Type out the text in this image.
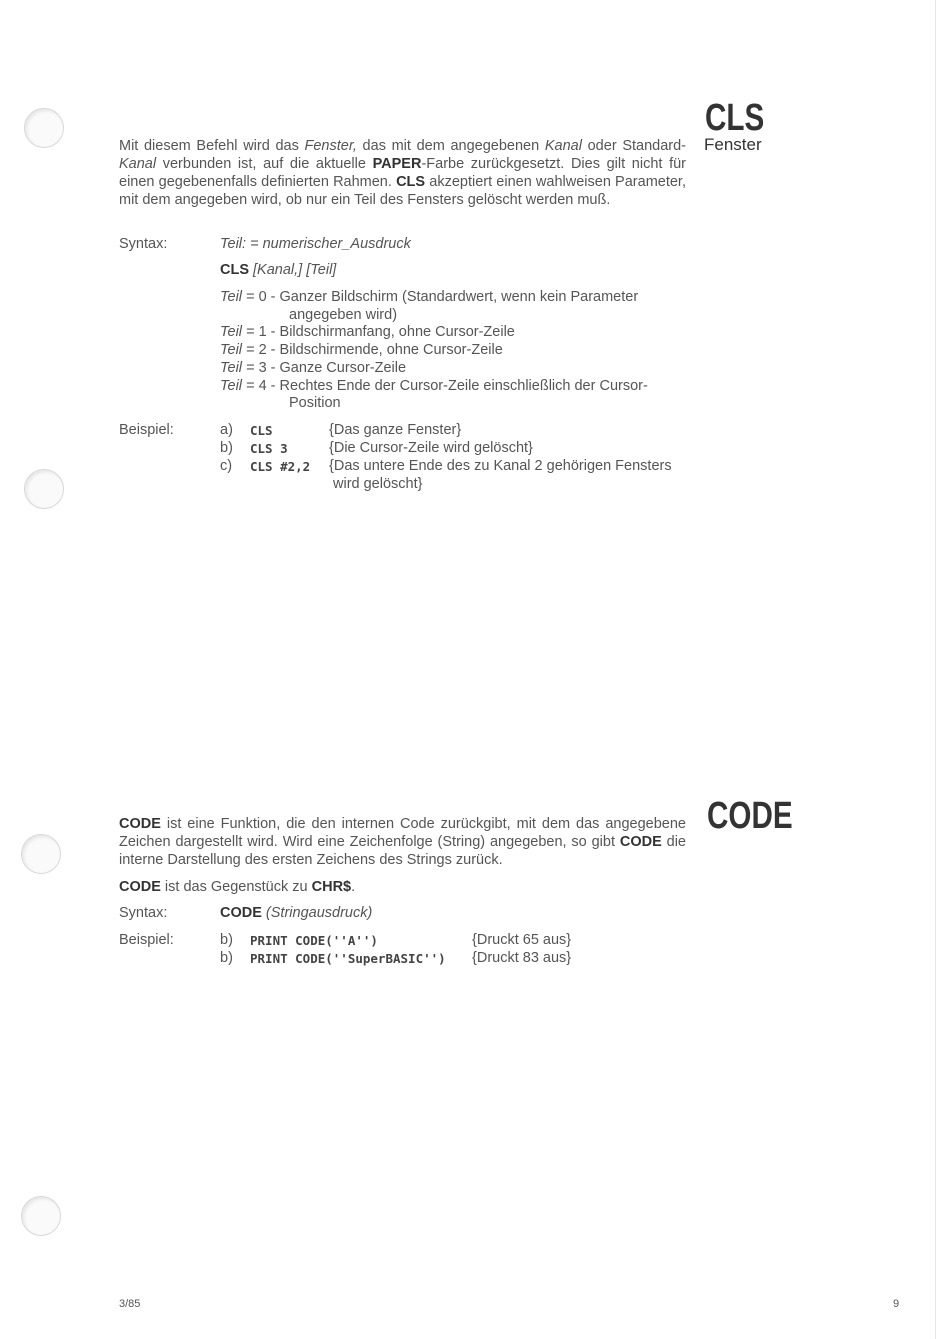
CLS
Fenster
Mit diesem Befehl wird das Fenster, das mit dem angegebenen Kanal oder Standard-Kanal verbunden ist, auf die aktuelle PAPER-Farbe zurückgesetzt. Dies gilt nicht für einen gegebenenfalls definierten Rahmen. CLS akzeptiert einen wahlweisen Parameter, mit dem angegeben wird, ob nur ein Teil des Fensters gelöscht werden muß.
Syntax:	Teil: = numerischer_Ausdruck
CLS [Kanal,] [Teil]
Teil = 0 - Ganzer Bildschirm (Standardwert, wenn kein Parameter
angegeben wird)
Teil = 1 - Bildschirmanfang, ohne Cursor-Zeile
Teil = 2 - Bildschirmende, ohne Cursor-Zeile
Teil = 3 - Ganze Cursor-Zeile
Teil = 4 - Rechtes Ende der Cursor-Zeile einschließlich der Cursor-
Position
Beispiel:	a) CLS	{Das ganze Fenster}
b) CLS 3	{Die Cursor-Zeile wird gelöscht}
c) CLS #2,2 {Das untere Ende des zu Kanal 2 gehörigen Fensters
wird gelöscht}
CODE
CODE ist eine Funktion, die den internen Code zurückgibt, mit dem das angegebene Zeichen dargestellt wird. Wird eine Zeichenfolge (String) angegeben, so gibt CODE die interne Darstellung des ersten Zeichens des Strings zurück.
CODE ist das Gegenstück zu CHR$.
Syntax:	CODE (Stringausdruck)
Beispiel:	b) PRINT CODE(''A'')	{Druckt 65 aus}
b) PRINT CODE(''SuperBASIC'') {Druckt 83 aus}
3/85	9
